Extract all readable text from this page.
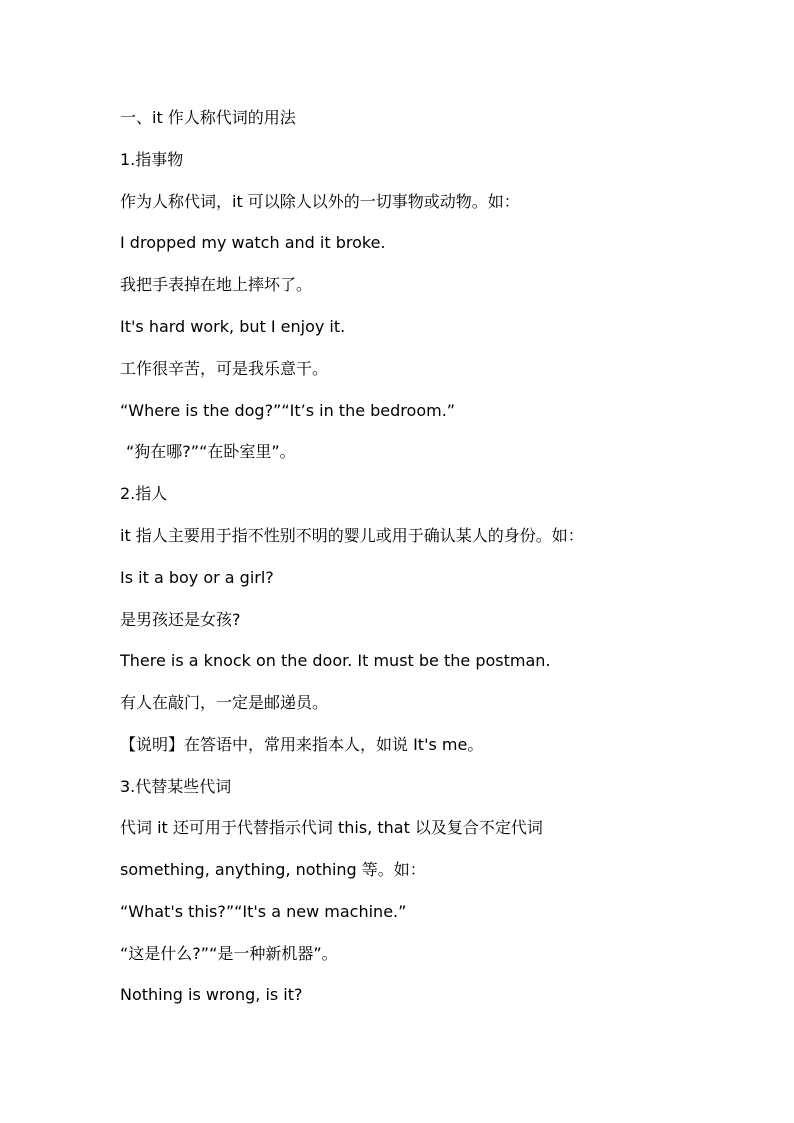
一、it 作人称代词的用法
1.指事物
作为人称代词，it 可以除人以外的一切事物或动物。如：
I dropped my watch and it broke.
我把手表掉在地上摔坏了。
It's hard work, but I enjoy it.
工作很辛苦，可是我乐意干。
“Where is the dog?”“It’s in the bedroom.”
“狗在哪?”“在卧室里”。
2.指人
it 指人主要用于指不性别不明的婴儿或用于确认某人的身份。如：
Is it a boy or a girl?
是男孩还是女孩?
There is a knock on the door. It must be the postman.
有人在敲门，一定是邮递员。
【说明】在答语中，常用来指本人，如说 It's me。
3.代替某些代词
代词 it 还可用于代替指示代词 this, that 以及复合不定代词
something, anything, nothing 等。如：
“What's this?”“It's a new machine.”
“这是什么?”“是一种新机器”。
Nothing is wrong, is it?
